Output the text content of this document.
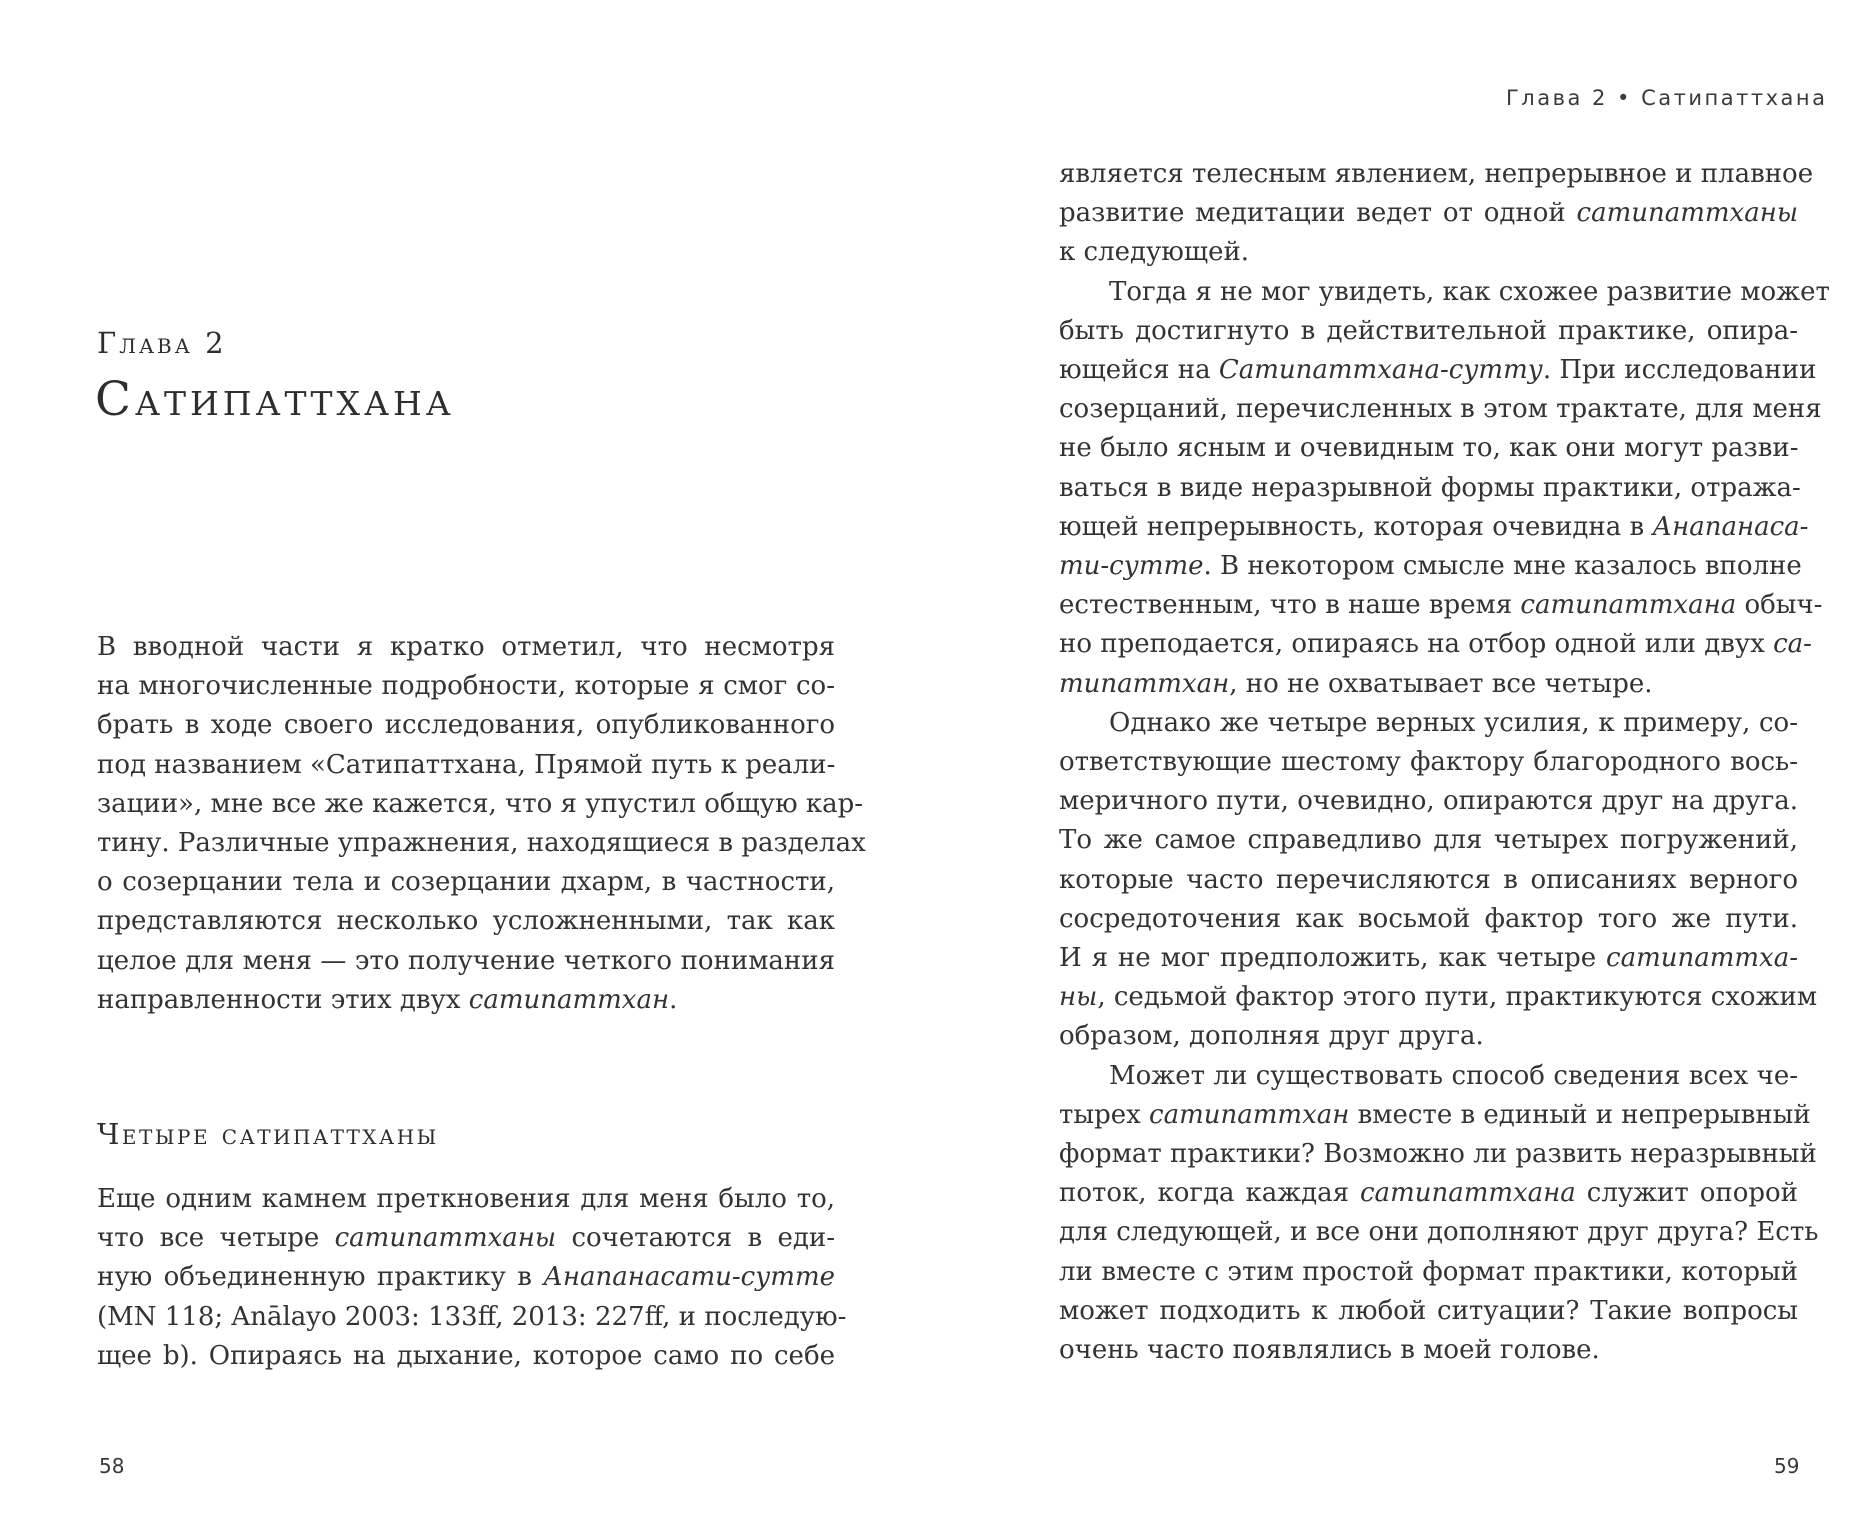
Глава 2
Сатипаттхана
В вводной части я кратко отметил, что несмотря
на многочисленные подробности, которые я смог со-
брать в ходе своего исследования, опубликованного
под названием «Сатипаттхана, Прямой путь к реали-
зации», мне все же кажется, что я упустил общую кар-
тину. Различные упражнения, находящиеся в разделах
о созерцании тела и созерцании дхарм, в частности,
представляются несколько усложненными, так как
целое для меня — это получение четкого понимания
направленности этих двух сатипаттхан.
Четыре сатипаттханы
Еще одним камнем преткновения для меня было то,
что все четыре сатипаттханы сочетаются в еди-
ную объединенную практику в Анапанасати-сутте
(MN 118; Anālayo 2003: 133ff, 2013: 227ff, и последую-
щее b). Опираясь на дыхание, которое само по себе
58
Глава 2 • Сатипаттхана
является телесным явлением, непрерывное и плавное
развитие медитации ведет от одной сатипаттханы
к следующей.
Тогда я не мог увидеть, как схожее развитие может
быть достигнуто в действительной практике, опира-
ющейся на Сатипаттхана-сутту. При исследовании
созерцаний, перечисленных в этом трактате, для меня
не было ясным и очевидным то, как они могут разви-
ваться в виде неразрывной формы практики, отража-
ющей непрерывность, которая очевидна в Анапанаса-
ти-сутте. В некотором смысле мне казалось вполне
естественным, что в наше время сатипаттхана обыч-
но преподается, опираясь на отбор одной или двух са-
типаттхан, но не охватывает все четыре.
Однако же четыре верных усилия, к примеру, со-
ответствующие шестому фактору благородного вось-
меричного пути, очевидно, опираются друг на друга.
То же самое справедливо для четырех погружений,
которые часто перечисляются в описаниях верного
сосредоточения как восьмой фактор того же пути.
И я не мог предположить, как четыре сатипаттха-
ны, седьмой фактор этого пути, практикуются схожим
образом, дополняя друг друга.
Может ли существовать способ сведения всех че-
тырех сатипаттхан вместе в единый и непрерывный
формат практики? Возможно ли развить неразрывный
поток, когда каждая сатипаттхана служит опорой
для следующей, и все они дополняют друг друга? Есть
ли вместе с этим простой формат практики, который
может подходить к любой ситуации? Такие вопросы
очень часто появлялись в моей голове.
59
